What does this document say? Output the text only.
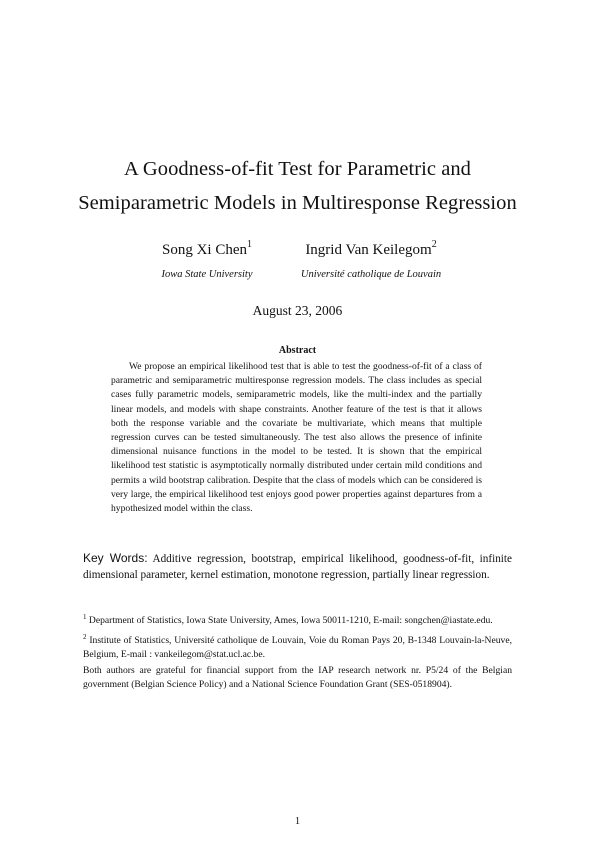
A Goodness-of-fit Test for Parametric and
Semiparametric Models in Multiresponse Regression
Song Xi Chen$^1$
Iowa State University
Ingrid Van Keilegom$^2$
Université catholique de Louvain
August 23, 2006
Abstract

We propose an empirical likelihood test that is able to test the goodness-of-fit of a class of parametric and semiparametric multiresponse regression models. The class includes as special cases fully parametric models, semiparametric models, like the multi-index and the partially linear models, and models with shape constraints. Another feature of the test is that it allows both the response variable and the covariate be multivariate, which means that multiple regression curves can be tested simultaneously. The test also allows the presence of infinite dimensional nuisance functions in the model to be tested. It is shown that the empirical likelihood test statistic is asymptotically normally distributed under certain mild conditions and permits a wild bootstrap calibration. Despite that the class of models which can be considered is very large, the empirical likelihood test enjoys good power properties against departures from a hypothesized model within the class.

Key Words: Additive regression, bootstrap, empirical likelihood, goodness-of-fit, infinite dimensional parameter, kernel estimation, monotone regression, partially linear regression.

$^1$ Department of Statistics, Iowa State University, Ames, Iowa 50011-1210, E-mail: songchen@iastate.edu.

$^2$ Institute of Statistics, Université catholique de Louvain, Voie du Roman Pays 20, B-1348 Louvain-la-Neuve, Belgium, E-mail : vankeilegom@stat.ucl.ac.be.

Both authors are grateful for financial support from the IAP research network nr. P5/24 of the Belgian government (Belgian Science Policy) and a National Science Foundation Grant (SES-0518904).

1
